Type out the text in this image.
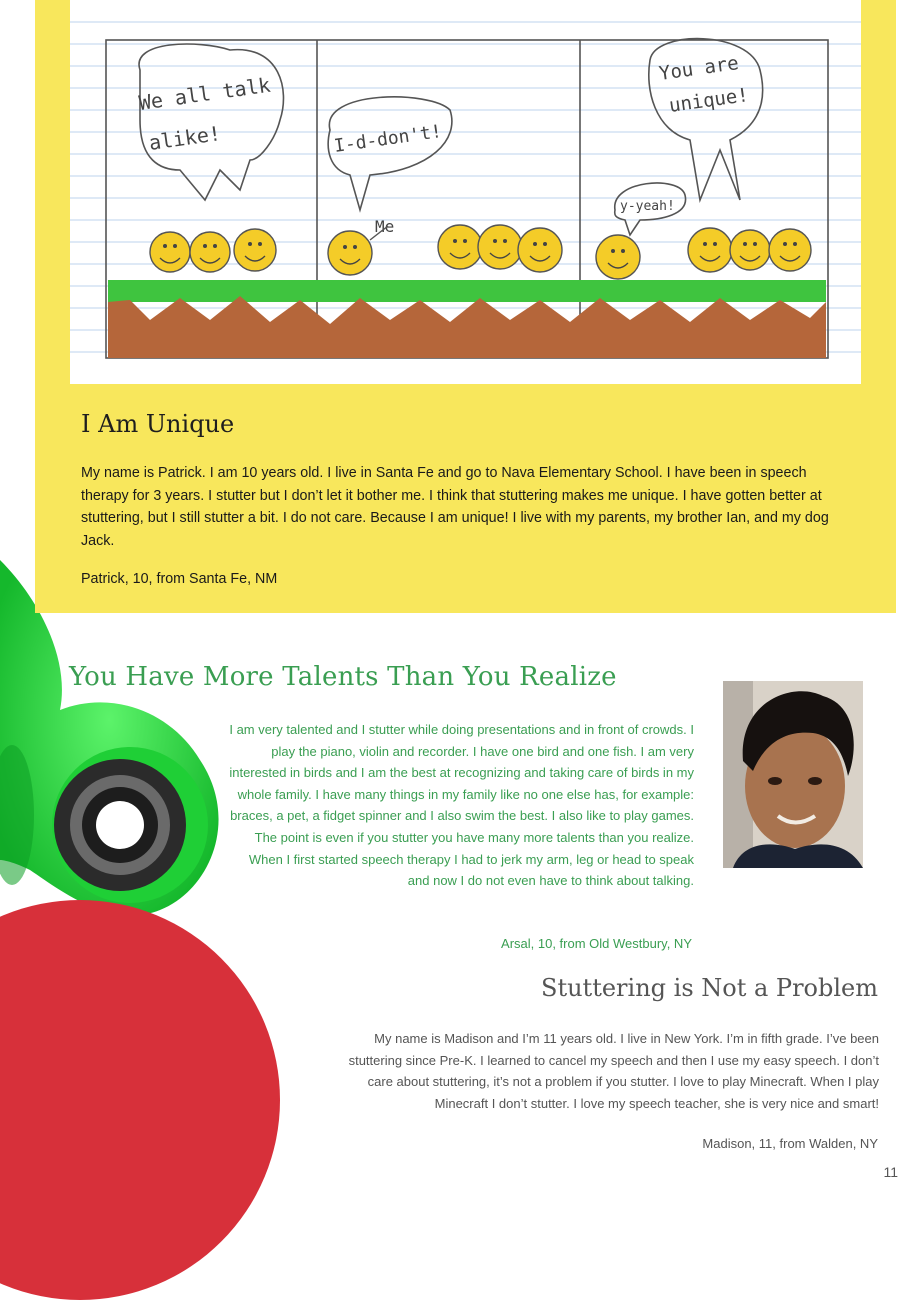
We all talk
alike!	I-d-don't!
You are
unique!
y-yeah!
Me
I Am Unique

My name is Patrick. I am 10 years old. I live in Santa Fe and go to Nava Elementary School. I have been in speech therapy for 3 years. I stutter but I don’t let it bother me. I think that stuttering makes me unique. I have gotten better at stuttering, but I still stutter a bit. I do not care. Because I am unique! I live with my parents, my brother Ian, and my dog Jack.

Patrick, 10, from Santa Fe, NM

You Have More Talents Than You Realize

I am very talented and I stutter while doing presentations and in front of crowds. I play the piano, violin and recorder. I have one bird and one fish. I am very interested in birds and I am the best at recognizing and taking care of birds in my whole family. I have many things in my family like no one else has, for example: braces, a pet, a fidget spinner and I also swim the best. I also like to play games. The point is even if you stutter you have many more talents than you realize. When I first started speech therapy I had to jerk my arm, leg or head to speak and now I do not even have to think about talking.

Arsal, 10, from Old Westbury, NY

Stuttering is Not a Problem

My name is Madison and I’m 11 years old. I live in New York. I’m in fifth grade. I’ve been stuttering since Pre-K. I learned to cancel my speech and then I use my easy speech. I don’t care about stuttering, it’s not a problem if you stutter. I love to play Minecraft. When I play Minecraft I don’t stutter. I love my speech teacher, she is very nice and smart!

Madison, 11, from Walden, NY

11
